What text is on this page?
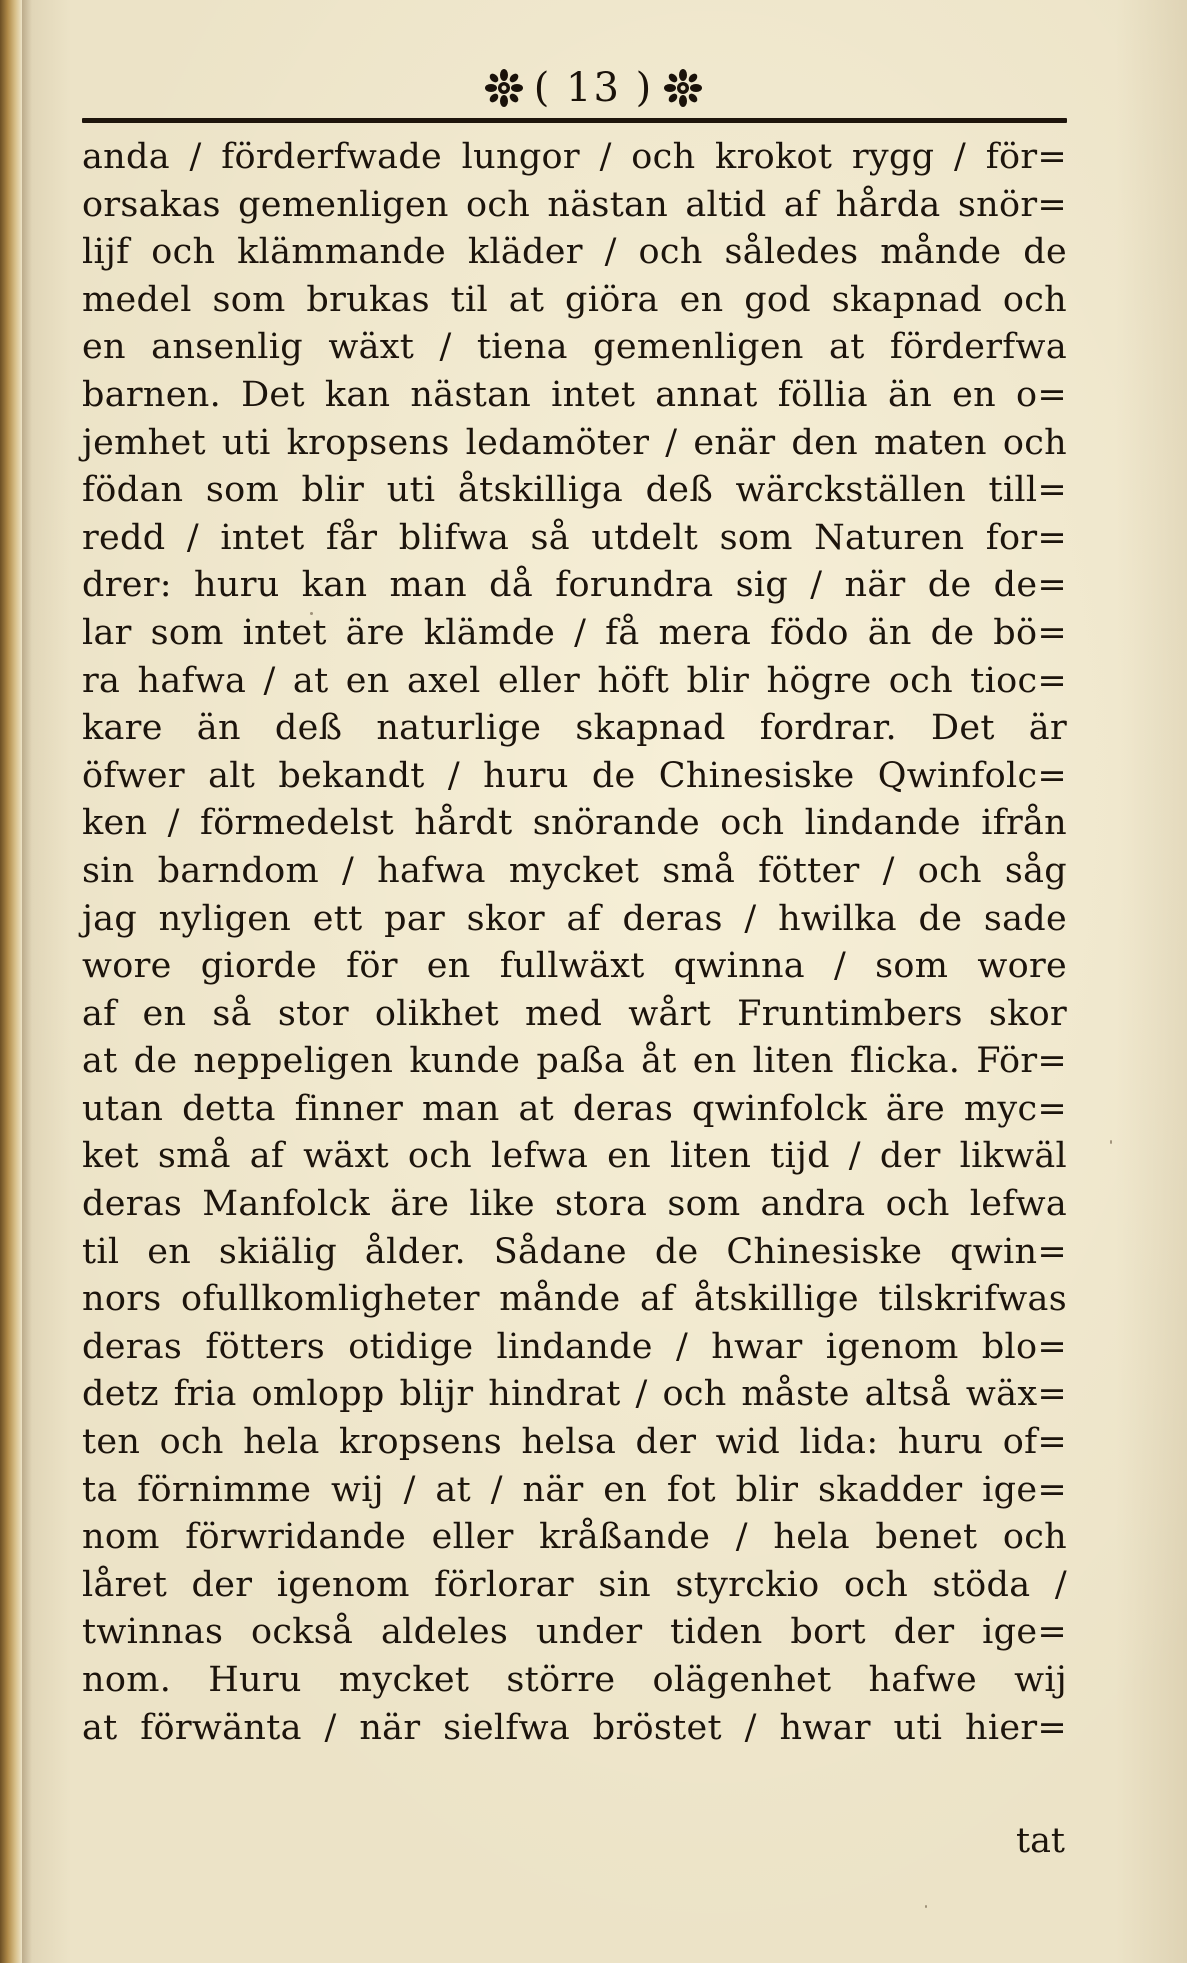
( 13 )
anda / förderfwade lungor / och krokot rygg / för=
orsakas gemenligen och nästan altid af hårda snör=
lijf och klämmande kläder / och således månde de
medel som brukas til at giöra en god skapnad och
en ansenlig wäxt / tiena gemenligen at förderfwa
barnen. Det kan nästan intet annat föllia än en o=
jemhet uti kropsens ledamöter / enär den maten och
födan som blir uti åtskilliga deß wärckställen till=
redd / intet får blifwa så utdelt som Naturen for=
drer: huru kan man då forundra sig / när de de=
lar som intet äre klämde / få mera födo än de bö=
ra hafwa / at en axel eller höft blir högre och tioc=
kare än deß naturlige skapnad fordrar. Det är
öfwer alt bekandt / huru de Chinesiske Qwinfolc=
ken / förmedelst hårdt snörande och lindande ifrån
sin barndom / hafwa mycket små fötter / och såg
jag nyligen ett par skor af deras / hwilka de sade
wore giorde för en fullwäxt qwinna / som wore
af en så stor olikhet med wårt Fruntimbers skor
at de neppeligen kunde paßa åt en liten flicka. För=
utan detta finner man at deras qwinfolck äre myc=
ket små af wäxt och lefwa en liten tijd / der likwäl
deras Manfolck äre like stora som andra och lefwa
til en skiälig ålder. Sådane de Chinesiske qwin=
nors ofullkomligheter månde af åtskillige tilskrifwas
deras fötters otidige lindande / hwar igenom blo=
detz fria omlopp blijr hindrat / och måste altså wäx=
ten och hela kropsens helsa der wid lida: huru of=
ta förnimme wij / at / när en fot blir skadder ige=
nom förwridande eller kråßande / hela benet och
låret der igenom förlorar sin styrckio och stöda /
twinnas också aldeles under tiden bort der ige=
nom. Huru mycket större olägenhet hafwe wij
at förwänta / när sielfwa bröstet / hwar uti hier=
tat
